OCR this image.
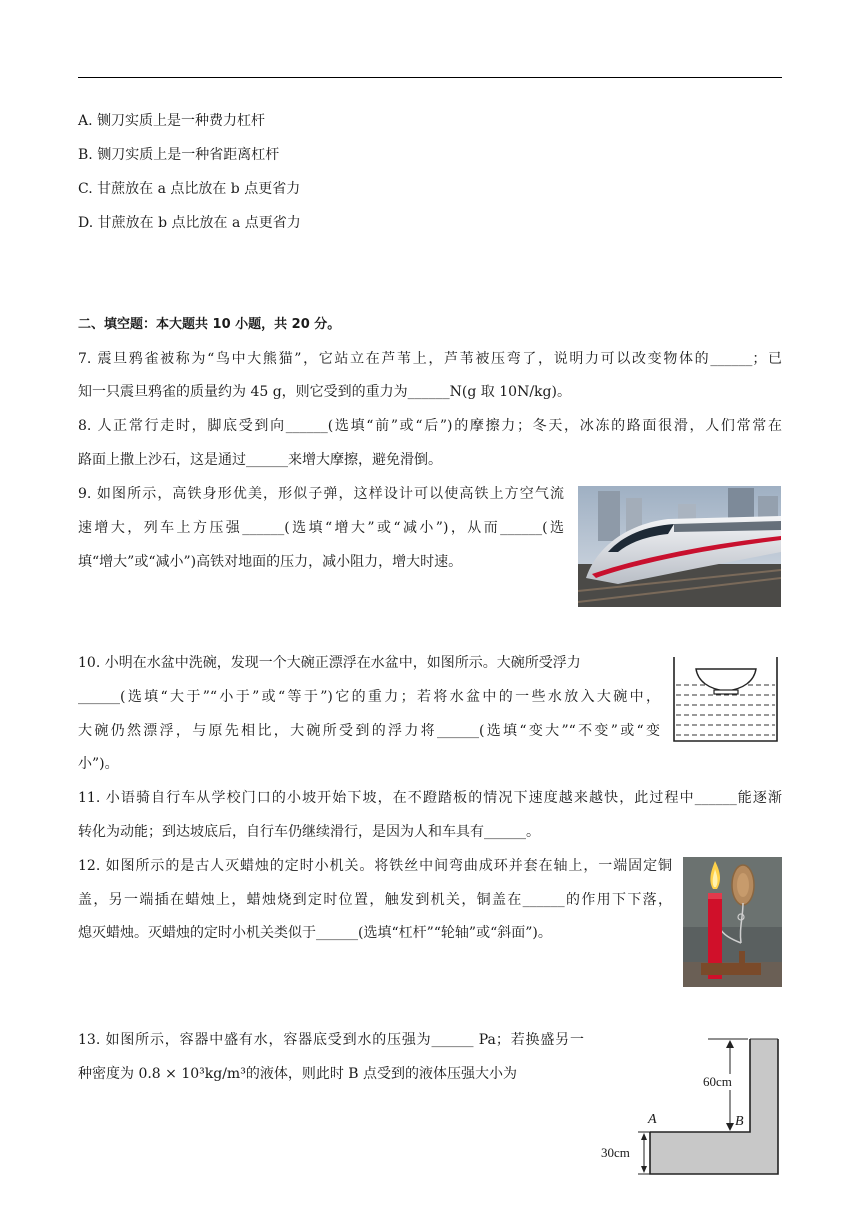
A. 铡刀实质上是一种费力杠杆
B. 铡刀实质上是一种省距离杠杆
C. 甘蔗放在 a 点比放在 b 点更省力
D. 甘蔗放在 b 点比放在 a 点更省力
二、填空题：本大题共 10 小题，共 20 分。
7. 震旦鸦雀被称为“鸟中大熊猫”，它站立在芦苇上，芦苇被压弯了，说明力可以改变物体的______；已
知一只震旦鸦雀的质量约为 45 g，则它受到的重力为______N(g 取 10N/kg)。
8. 人正常行走时，脚底受到向______(选填“前”或“后”)的摩擦力；冬天，冰冻的路面很滑，人们常常在
路面上撒上沙石，这是通过______来增大摩擦，避免滑倒。
9. 如图所示，高铁身形优美，形似子弹，这样设计可以使高铁上方空气流
速增大，列车上方压强______(选填“增大”或“减小”)，从而______(选
填“增大”或“减小”)高铁对地面的压力，减小阻力，增大时速。
10. 小明在水盆中洗碗，发现一个大碗正漂浮在水盆中，如图所示。大碗所受浮力
______(选填“大于”“小于”或“等于”)它的重力；若将水盆中的一些水放入大碗中，
大碗仍然漂浮，与原先相比，大碗所受到的浮力将______(选填“变大”“不变”或“变
小”)。
11. 小语骑自行车从学校门口的小坡开始下坡，在不蹬踏板的情况下速度越来越快，此过程中______能逐渐
转化为动能；到达坡底后，自行车仍继续滑行，是因为人和车具有______。
12. 如图所示的是古人灭蜡烛的定时小机关。将铁丝中间弯曲成环并套在轴上，一端固定铜
盖，另一端插在蜡烛上，蜡烛烧到定时位置，触发到机关，铜盖在______的作用下下落，
熄灭蜡烛。灭蜡烛的定时小机关类似于______(选填“杠杆”“轮轴”或“斜面”)。
13. 如图所示，容器中盛有水，容器底受到水的压强为______ Pa；若换盛另一
种密度为 0.8 × 10³kg/m³的液体，则此时 B 点受到的液体压强大小为	60cm
30cm
A	B
